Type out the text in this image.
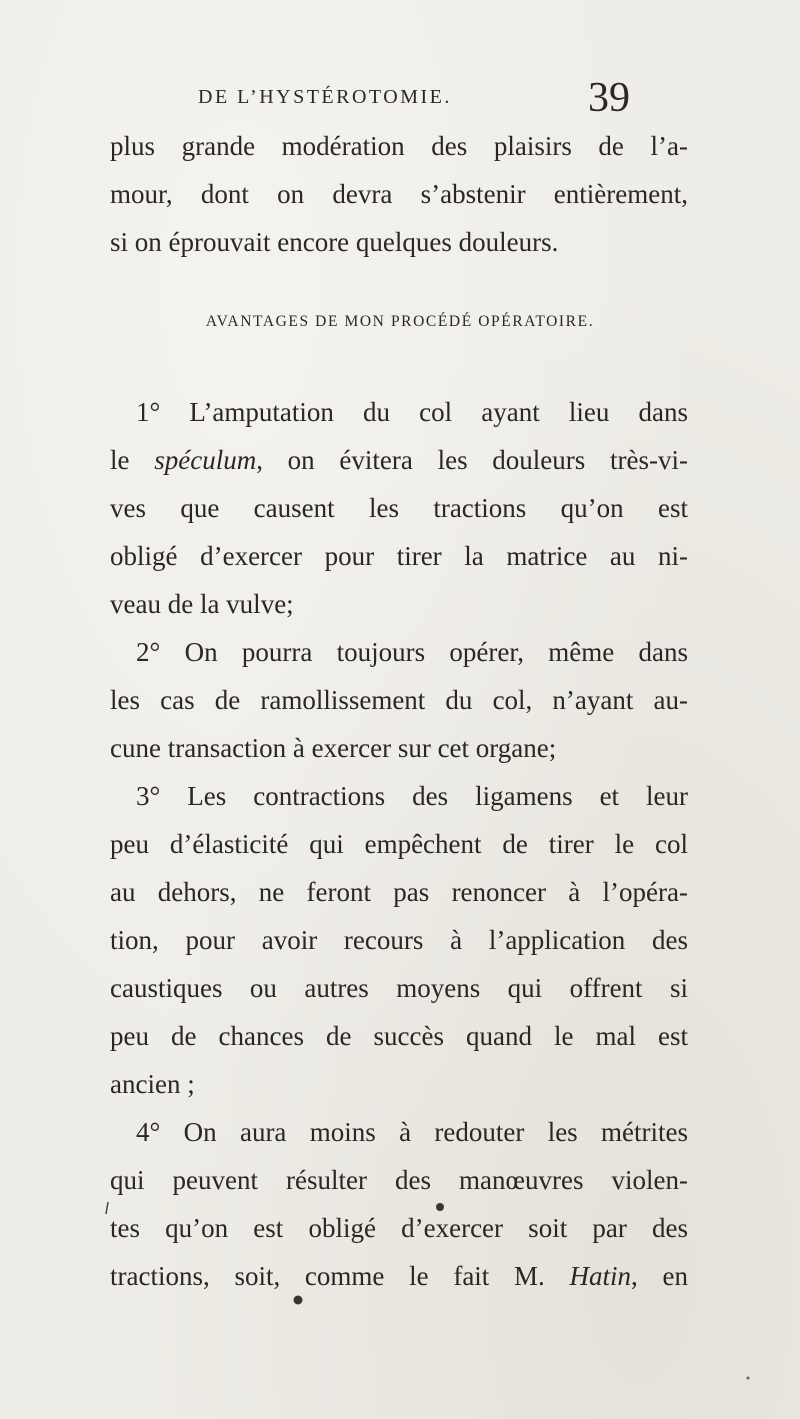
DE L’HYSTÉROTOMIE.	39
plus grande modération des plaisirs de l’a-
mour, dont on devra s’abstenir entièrement,
si on éprouvait encore quelques douleurs.
AVANTAGES DE MON PROCÉDÉ OPÉRATOIRE.
1° L’amputation du col ayant lieu dans
le spéculum, on évitera les douleurs très-vi-
ves que causent les tractions qu’on est
obligé d’exercer pour tirer la matrice au ni-
veau de la vulve;
2° On pourra toujours opérer, même dans
les cas de ramollissement du col, n’ayant au-
cune transaction à exercer sur cet organe;
3° Les contractions des ligamens et leur
peu d’élasticité qui empêchent de tirer le col
au dehors, ne feront pas renoncer à l’opéra-
tion, pour avoir recours à l’application des
caustiques ou autres moyens qui offrent si
peu de chances de succès quand le mal est
ancien ;
4° On aura moins à redouter les métrites
qui peuvent résulter des manœuvres violen-
tes qu’on est obligé d’exercer soit par des
tractions, soit, comme le fait M. Hatin, en
